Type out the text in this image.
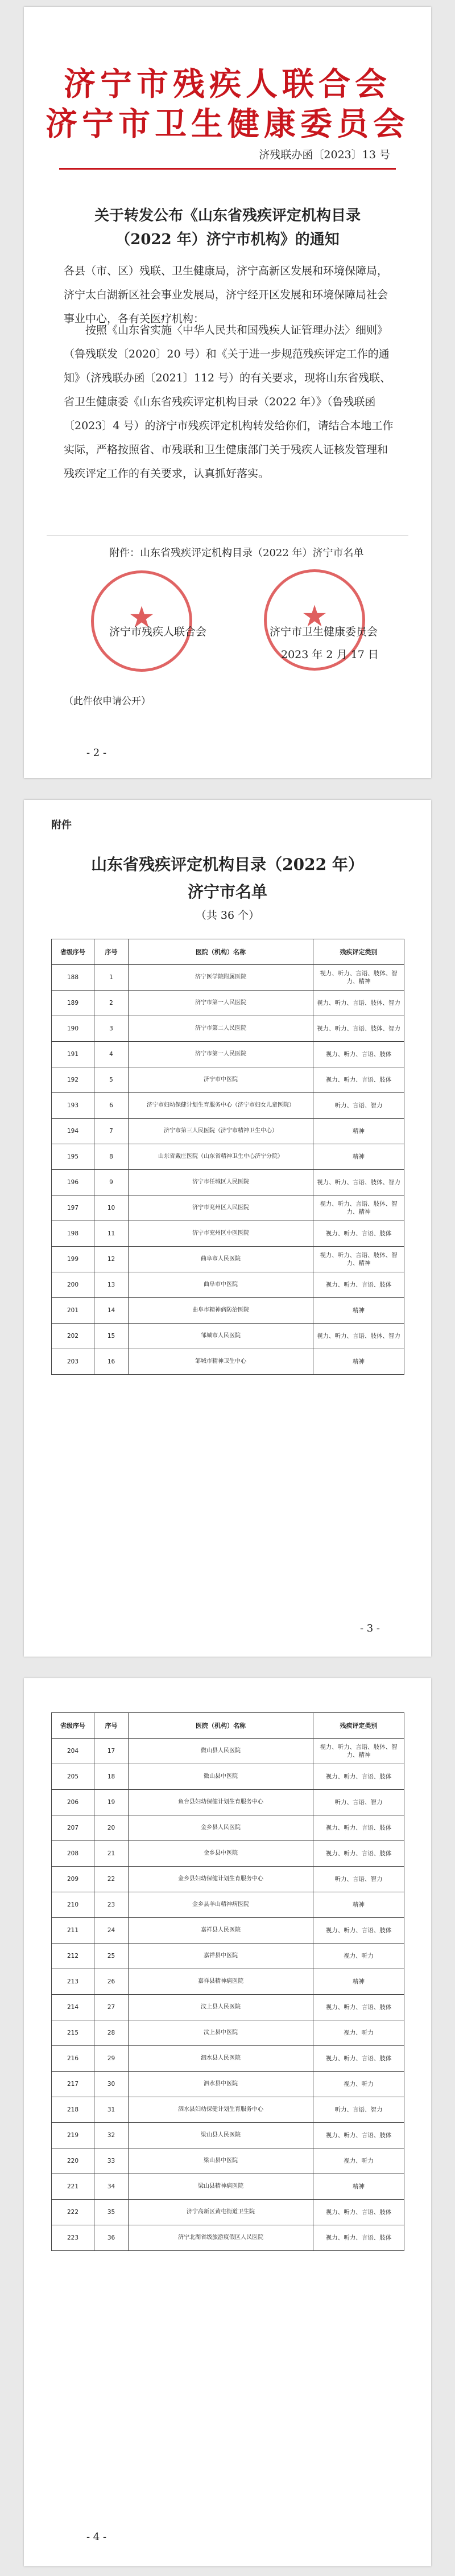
济宁市残疾人联合会
济宁市卫生健康委员会
济残联办函〔2023〕13 号
关于转发公布《山东省残疾评定机构目录
（2022 年）济宁市机构》的通知
各县（市、区）残联、卫生健康局，济宁高新区发展和环境保障局，济宁太白湖新区社会事业发展局，济宁经开区发展和环境保障局社会事业中心，各有关医疗机构：
按照《山东省实施〈中华人民共和国残疾人证管理办法〉细则》（鲁残联发〔2020〕20 号）和《关于进一步规范残疾评定工作的通知》（济残联办函〔2021〕112 号）的有关要求，现将山东省残联、省卫生健康委《山东省残疾评定机构目录（2022 年）》（鲁残联函〔2023〕4 号）的济宁市残疾评定机构转发给你们，请结合本地工作实际，严格按照省、市残联和卫生健康部门关于残疾人证核发管理和残疾评定工作的有关要求，认真抓好落实。
附件：山东省残疾评定机构目录（2022 年）济宁市名单
★	★
济宁市残疾人联合会	济宁市卫生健康委员会
2023 年 2 月 17 日
（此件依申请公开）
- 2 -
附件
山东省残疾评定机构目录（2022 年）
济宁市名单
（共 36 个）
省级序号	序号	医院（机构）名称	残疾评定类别
188	1	济宁医学院附属医院	视力、听力、言语、肢体、智力、精神
189	2	济宁市第一人民医院	视力、听力、言语、肢体、智力
190	3	济宁市第二人民医院	视力、听力、言语、肢体、智力
191	4	济宁市第一人民医院	视力、听力、言语、肢体
192	5	济宁市中医院	视力、听力、言语、肢体
193	6	济宁市妇幼保健计划生育服务中心（济宁市妇女儿童医院）	听力、言语、智力
194	7	济宁市第三人民医院（济宁市精神卫生中心）	精神
195	8	山东省戴庄医院（山东省精神卫生中心济宁分院）	精神
196	9	济宁市任城区人民医院	视力、听力、言语、肢体、智力
197	10	济宁市兖州区人民医院	视力、听力、言语、肢体、智力、精神
198	11	济宁市兖州区中医医院	视力、听力、言语、肢体
199	12	曲阜市人民医院	视力、听力、言语、肢体、智力、精神
200	13	曲阜市中医院	视力、听力、言语、肢体
201	14	曲阜市精神病防治医院	精神
202	15	邹城市人民医院	视力、听力、言语、肢体、智力
203	16	邹城市精神卫生中心	精神
- 3 -
省级序号	序号	医院（机构）名称	残疾评定类别
204	17	微山县人民医院	视力、听力、言语、肢体、智力、精神
205	18	微山县中医院	视力、听力、言语、肢体
206	19	鱼台县妇幼保健计划生育服务中心	听力、言语、智力
207	20	金乡县人民医院	视力、听力、言语、肢体
208	21	金乡县中医院	视力、听力、言语、肢体
209	22	金乡县妇幼保健计划生育服务中心	听力、言语、智力
210	23	金乡县羊山精神病医院	精神
211	24	嘉祥县人民医院	视力、听力、言语、肢体
212	25	嘉祥县中医院	视力、听力
213	26	嘉祥县精神病医院	精神
214	27	汶上县人民医院	视力、听力、言语、肢体
215	28	汶上县中医院	视力、听力
216	29	泗水县人民医院	视力、听力、言语、肢体
217	30	泗水县中医院	视力、听力
218	31	泗水县妇幼保健计划生育服务中心	听力、言语、智力
219	32	梁山县人民医院	视力、听力、言语、肢体
220	33	梁山县中医院	视力、听力
221	34	梁山县精神病医院	精神
222	35	济宁高新区黄屯街道卫生院	视力、听力、言语、肢体
223	36	济宁北湖省级旅游度假区人民医院	视力、听力、言语、肢体
- 4 -
